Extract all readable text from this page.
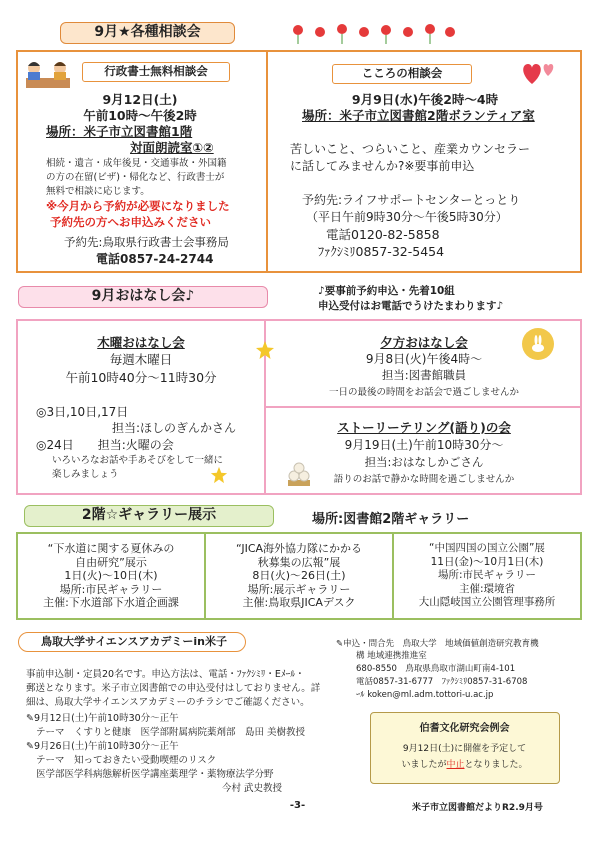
9月★各種相談会
行政書士無料相談会
9月12日(土)
午前10時～午後2時
場所：米子市立図書館1階
対面朗読室①②
相続・遺言・成年後見・交通事故・外国籍
の方の在留(ビザ)・帰化など、行政書士が
無料で相談に応じます。
※今月から予約が必要になりました
予約先の方へお申込みください
予約先:鳥取県行政書士会事務局
電話0857-24-2744
こころの相談会
9月9日(水)午後2時～4時
場所：米子市立図書館2階ボランティア室
苦しいこと、つらいこと、産業カウンセラー
に話してみませんか?※要事前申込
予約先:ライフサポートセンターとっとり
（平日午前9時30分～午後5時30分）
電話0120-82-5858
ﾌｧｸｼﾐﾘ0857-32-5454
9月おはなし会♪	♪要事前予約申込・先着10組
申込受付はお電話でうけたまわります♪
木曜おはなし会
毎週木曜日
午前10時40分～11時30分
◎3日,10日,17日
担当:ほしのぎんかさん
◎24日　　担当:火曜の会
いろいろなお話や手あそびをして一緒に
楽しみましょう
夕方おはなし会
9月8日(火)午後4時～
担当:図書館職員
一日の最後の時間をお話会で過ごしませんか
ストーリーテリング(語り)の会
9月19日(土)午前10時30分～
担当:おはなしかごさん
語りのお話で静かな時間を過ごしませんか
2階☆ギャラリー展示	場所:図書館2階ギャラリー
“下水道に関する夏休みの
自由研究”展示
1日(火)～10日(木)
場所:市民ギャラリー
主催:下水道部下水道企画課
“JICA海外協力隊にかかる
秋募集の広報”展
8日(火)～26日(土)
場所:展示ギャラリー
主催:鳥取県JICAデスク
“中国四国の国立公園”展
11日(金)～10月1日(木)
場所:市民ギャラリー
主催:環境省
大山隠岐国立公園管理事務所
鳥取大学サイエンスアカデミーin米子	✎申込・問合先　鳥取大学　地域価値創造研究教育機
構 地域連携推進室
680-8550　鳥取県鳥取市湖山町南4-101
電話0857-31-6777　ﾌｧｸｼﾐﾘ0857-31-6708
ｰﾙ koken@ml.adm.tottori-u.ac.jp
事前申込制・定員20名です。申込方法は、電話・ﾌｧｸｼﾐﾘ・Eﾒｰﾙ・
郵送となります。米子市立図書館での申込受付はしておりません。詳
細は、鳥取大学サイエンスアカデミーのチラシでご確認ください。
✎9月12日(土)午前10時30分～正午
テーマ　くすりと健康　医学部附属病院薬剤部　島田 美樹教授
✎9月26日(土)午前10時30分～正午
テーマ　知っておきたい受動喫煙のリスク
医学部医学科病態解析医学講座薬理学・薬物療法学分野
今村 武史教授
伯耆文化研究会例会
9月12日(土)に開催を予定して
いましたが中止となりました。
-3-	米子市立図書館だよりR2.9月号
